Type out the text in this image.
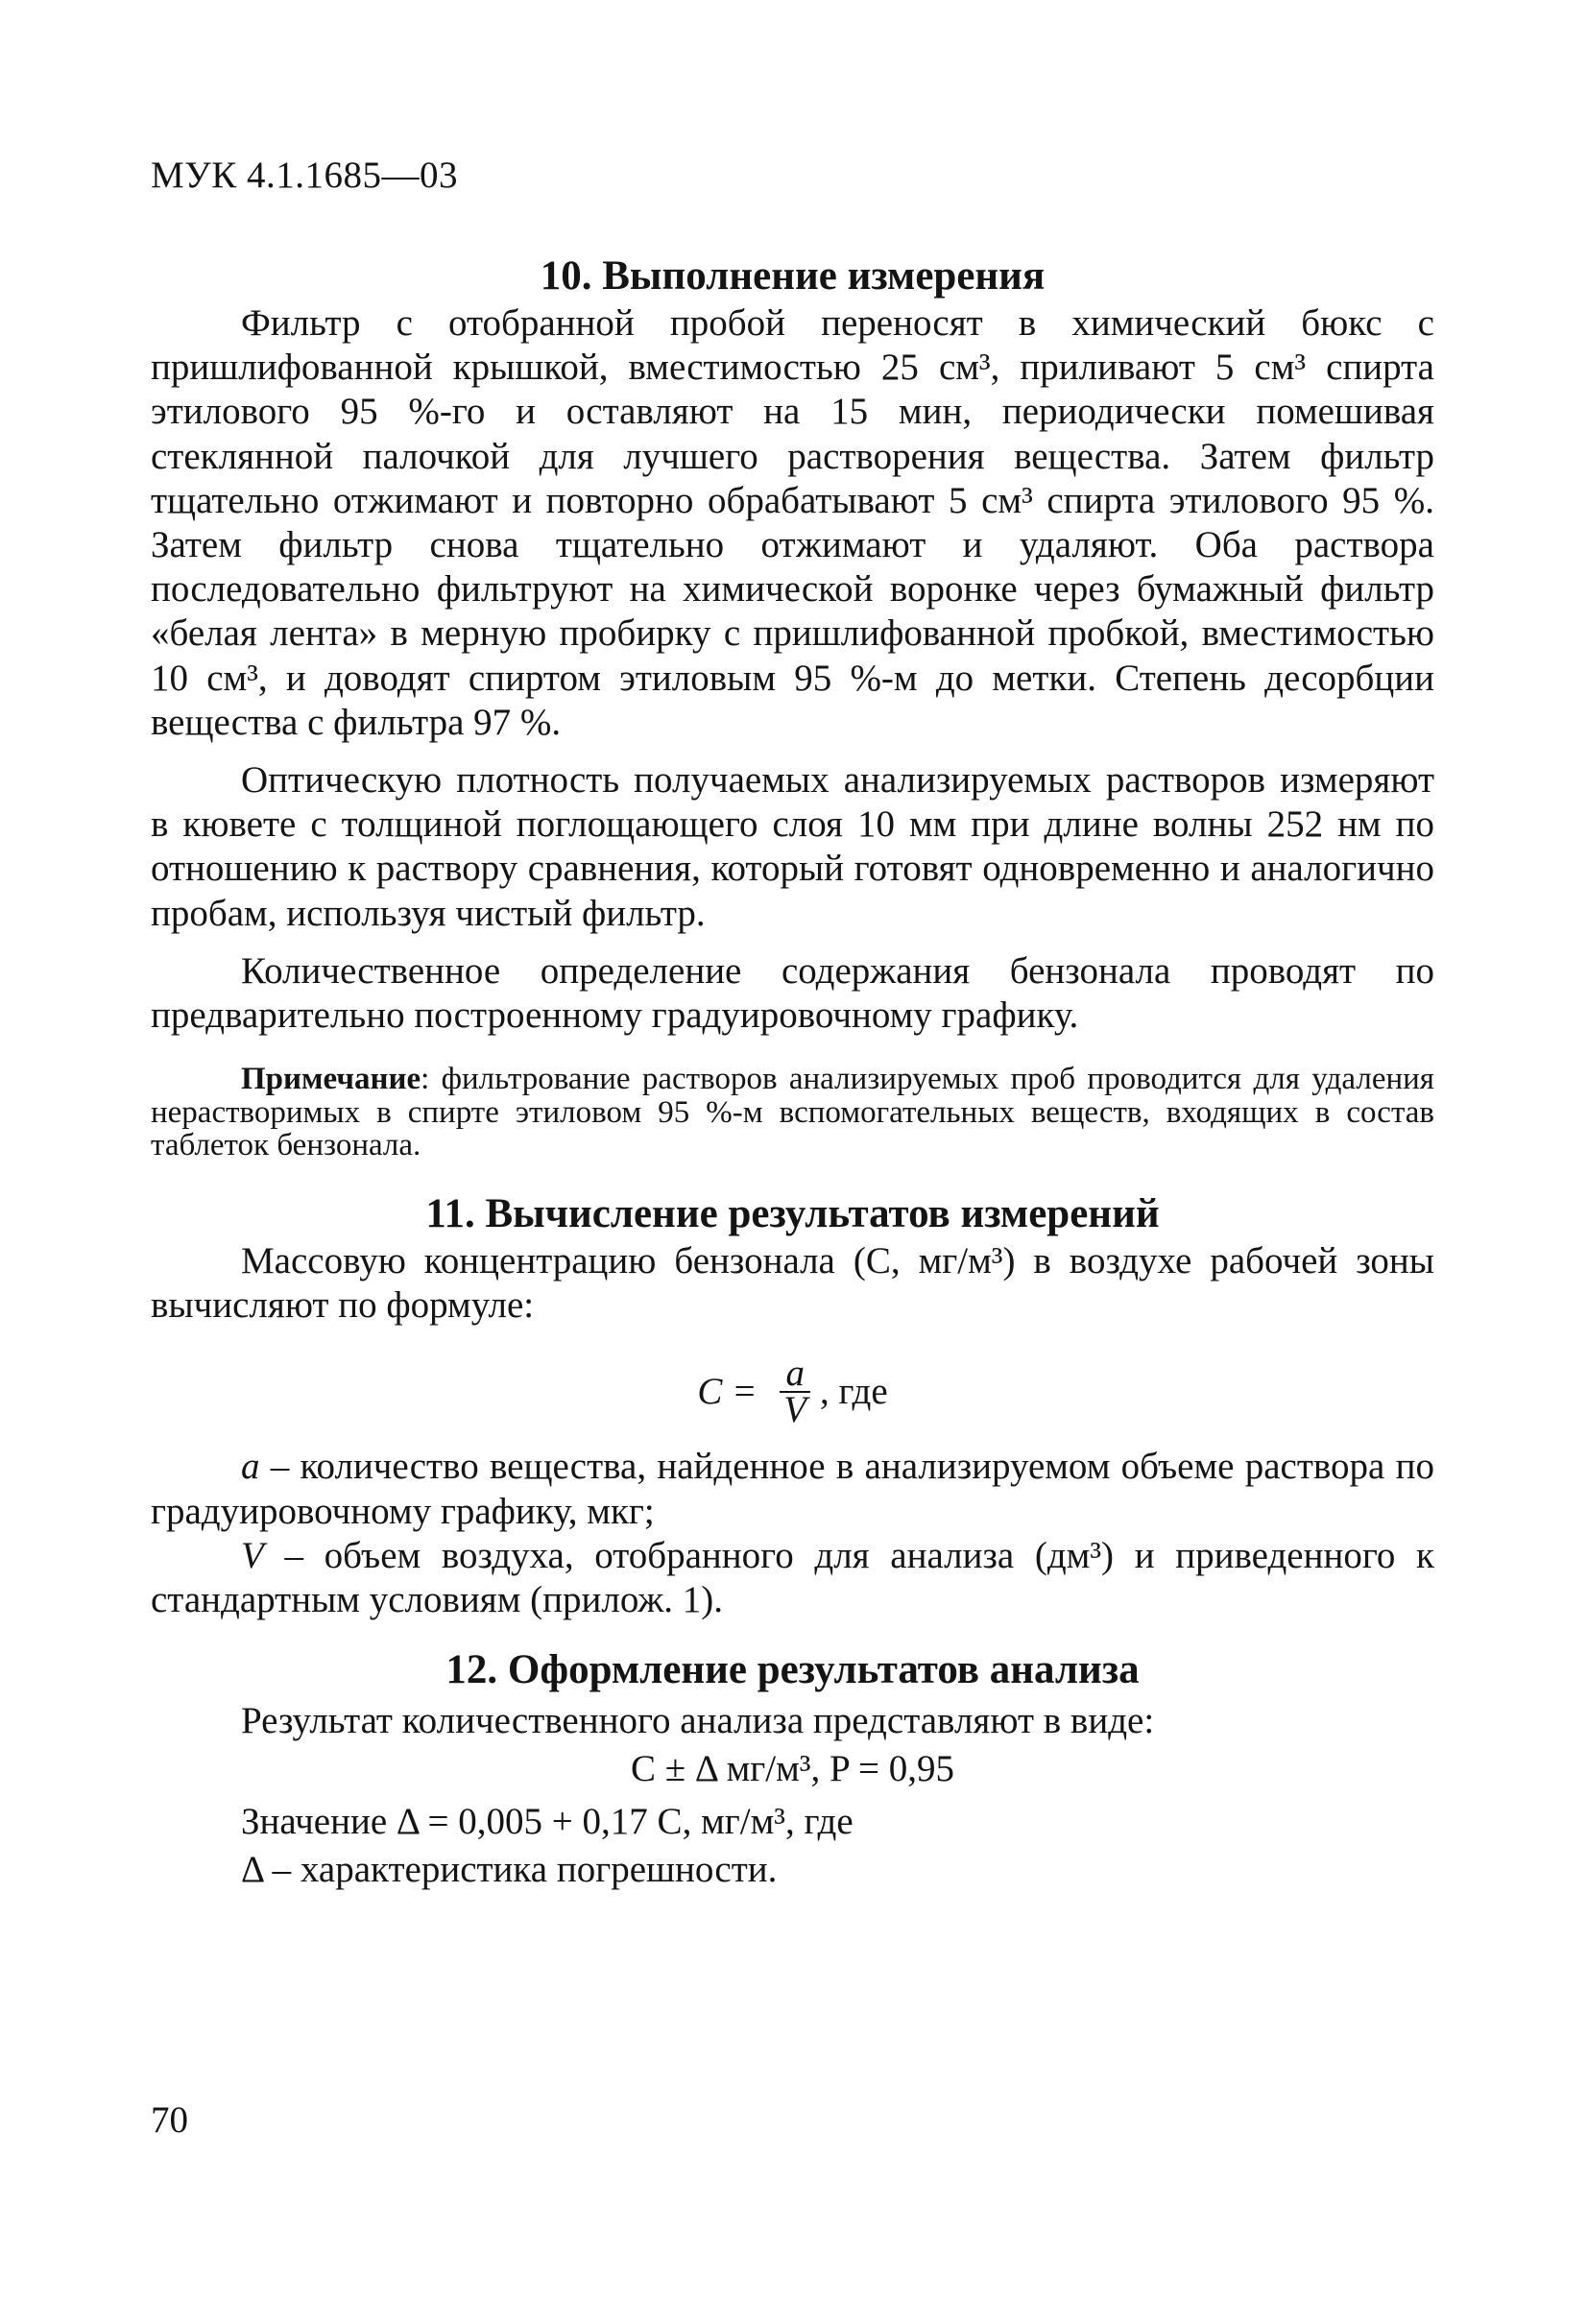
МУК 4.1.1685—03
10. Выполнение измерения

Фильтр с отобранной пробой переносят в химический бюкс с пришлифованной крышкой, вместимостью 25 см³, приливают 5 см³ спирта этилового 95 %-го и оставляют на 15 мин, периодически помешивая стеклянной палочкой для лучшего растворения вещества. Затем фильтр тщательно отжимают и повторно обрабатывают 5 см³ спирта этилового 95 %. Затем фильтр снова тщательно отжимают и удаляют. Оба раствора последовательно фильтруют на химической воронке через бумажный фильтр «белая лента» в мерную пробирку с пришлифованной пробкой, вместимостью 10 см³, и доводят спиртом этиловым 95 %-м до метки. Степень десорбции вещества с фильтра 97 %.

Оптическую плотность получаемых анализируемых растворов измеряют в кювете с толщиной поглощающего слоя 10 мм при длине волны 252 нм по отношению к раствору сравнения, который готовят одновременно и аналогично пробам, используя чистый фильтр.

Количественное определение содержания бензонала проводят по предварительно построенному градуировочному графику.

Примечание: фильтрование растворов анализируемых проб проводится для удаления нерастворимых в спирте этиловом 95 %-м вспомогательных веществ, входящих в состав таблеток бензонала.
11. Вычисление результатов измерений

Массовую концентрацию бензонала (C, мг/м³) в воздухе рабочей зоны вычисляют по формуле:

$C = \frac{a}{V}$ , где

a – количество вещества, найденное в анализируемом объеме раствора по градуировочному графику, мкг;

V – объем воздуха, отобранного для анализа (дм³) и приведенного к стандартным условиям (прилож. 1).

12. Оформление результатов анализа

Результат количественного анализа представляют в виде:

C ± Δ мг/м³, P = 0,95

Значение Δ = 0,005 + 0,17 C, мг/м³, где

Δ – характеристика погрешности.

70
